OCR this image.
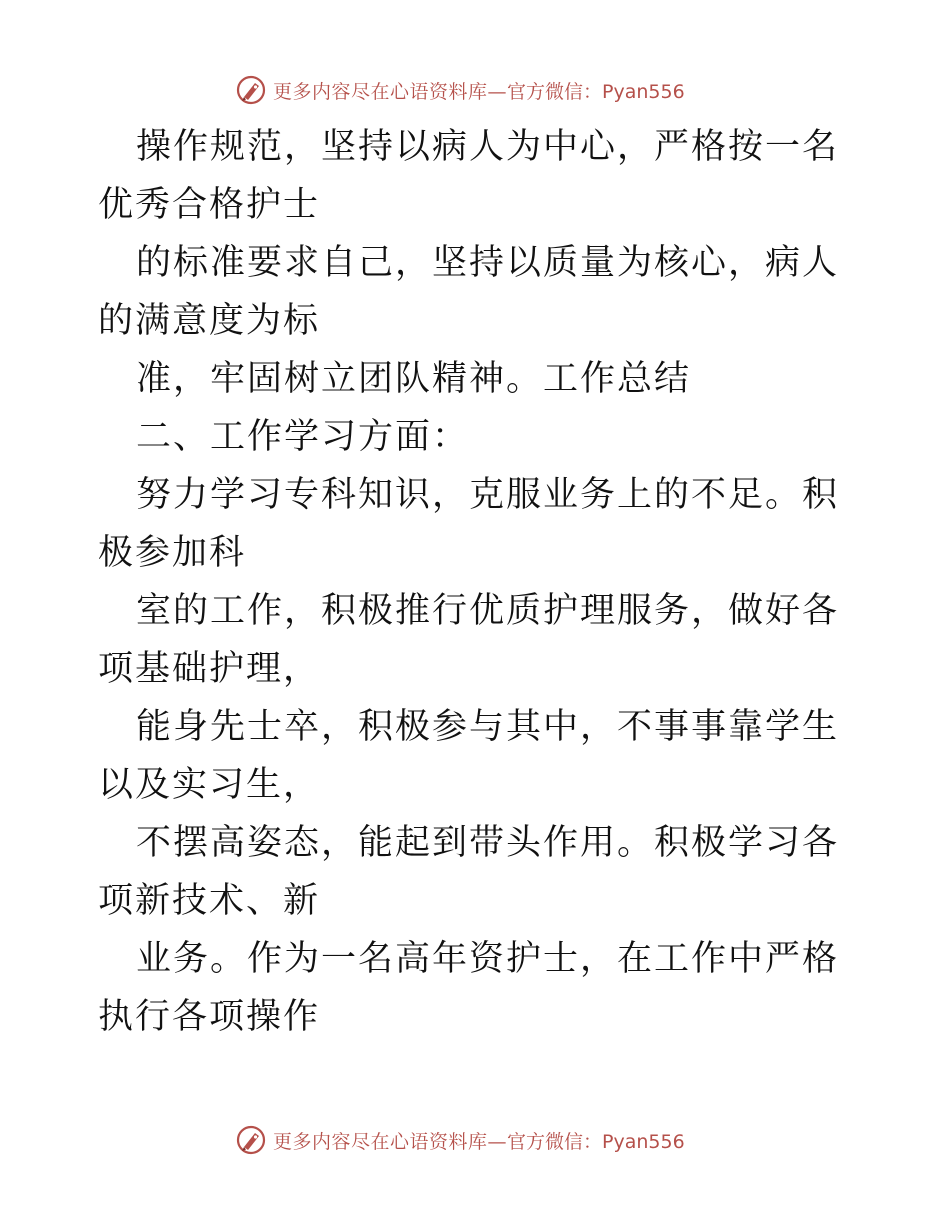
更多内容尽在心语资料库— 官方微信：Pyan556

操作规范，坚持以病人为中心，严格按一名优秀合格护士

的标准要求自己，坚持以质量为核心，病人的满意度为标

准，牢固树立团队精神。工作总结

二、工作学习方面：

努力学习专科知识，克服业务上的不足。积极参加科

室的工作，积极推行优质护理服务，做好各项基础护理，

能身先士卒，积极参与其中，不事事靠学生以及实习生，

不摆高姿态，能起到带头作用。积极学习各项新技术、新

业务。作为一名高年资护士，在工作中严格执行各项操作

更多内容尽在心语资料库— 官方微信：Pyan556
